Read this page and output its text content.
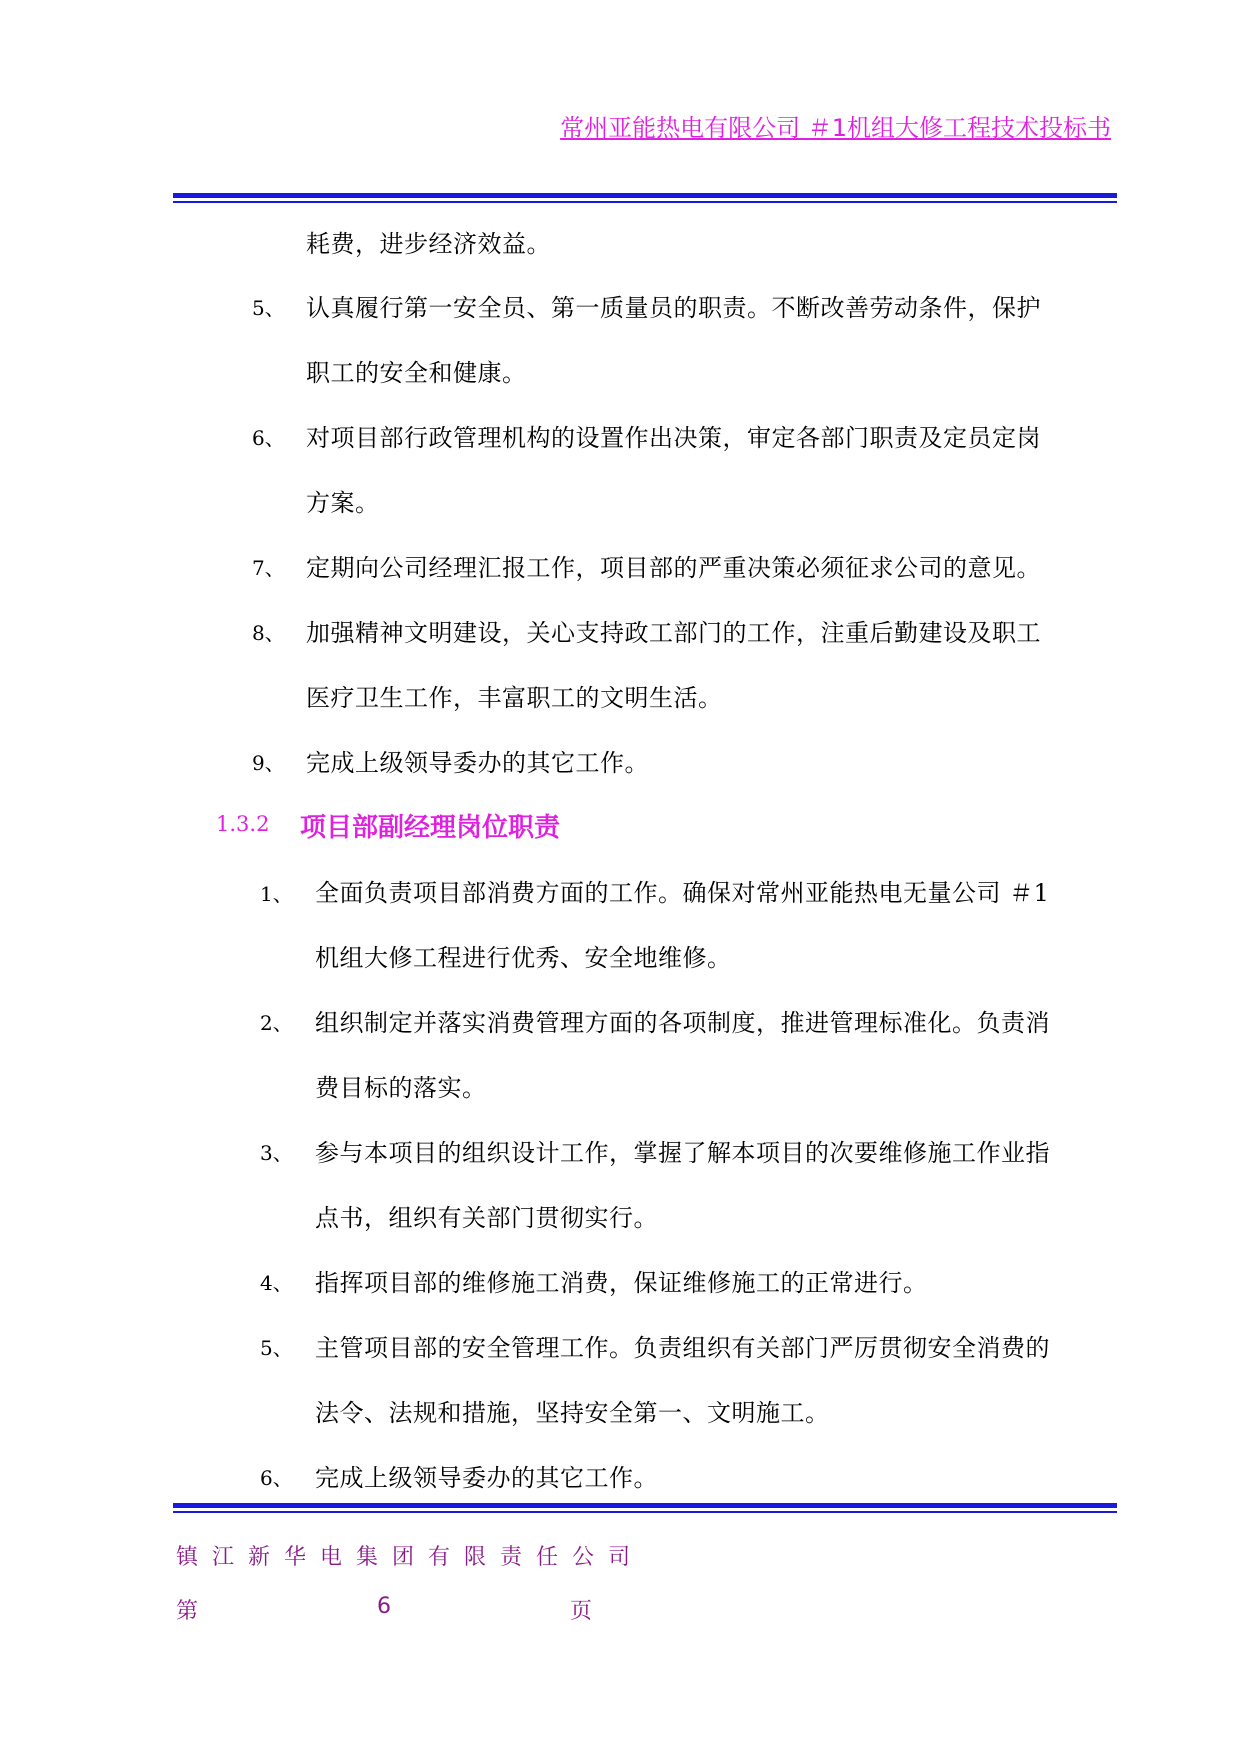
常州亚能热电有限公司 ＃1机组大修工程技术投标书
耗费，进步经济效益。
5、 认真履行第一安全员、第一质量员的职责。不断改善劳动条件，保护
职工的安全和健康。
6、 对项目部行政管理机构的设置作出决策，审定各部门职责及定员定岗
方案。
7、 定期向公司经理汇报工作，项目部的严重决策必须征求公司的意见。
8、 加强精神文明建设，关心支持政工部门的工作，注重后勤建设及职工
医疗卫生工作，丰富职工的文明生活。
9、 完成上级领导委办的其它工作。
1.3.2 项目部副经理岗位职责
1、 全面负责项目部消费方面的工作。确保对常州亚能热电无量公司 ＃1
机组大修工程进行优秀、安全地维修。
2、 组织制定并落实消费管理方面的各项制度，推进管理标准化。负责消
费目标的落实。
3、 参与本项目的组织设计工作，掌握了解本项目的次要维修施工作业指
点书，组织有关部门贯彻实行。
4、 指挥项目部的维修施工消费，保证维修施工的正常进行。
5、 主管项目部的安全管理工作。负责组织有关部门严厉贯彻安全消费的
法令、法规和措施，坚持安全第一、文明施工。
6、 完成上级领导委办的其它工作。
镇江新华电集团有限责任公司
第	6	页
